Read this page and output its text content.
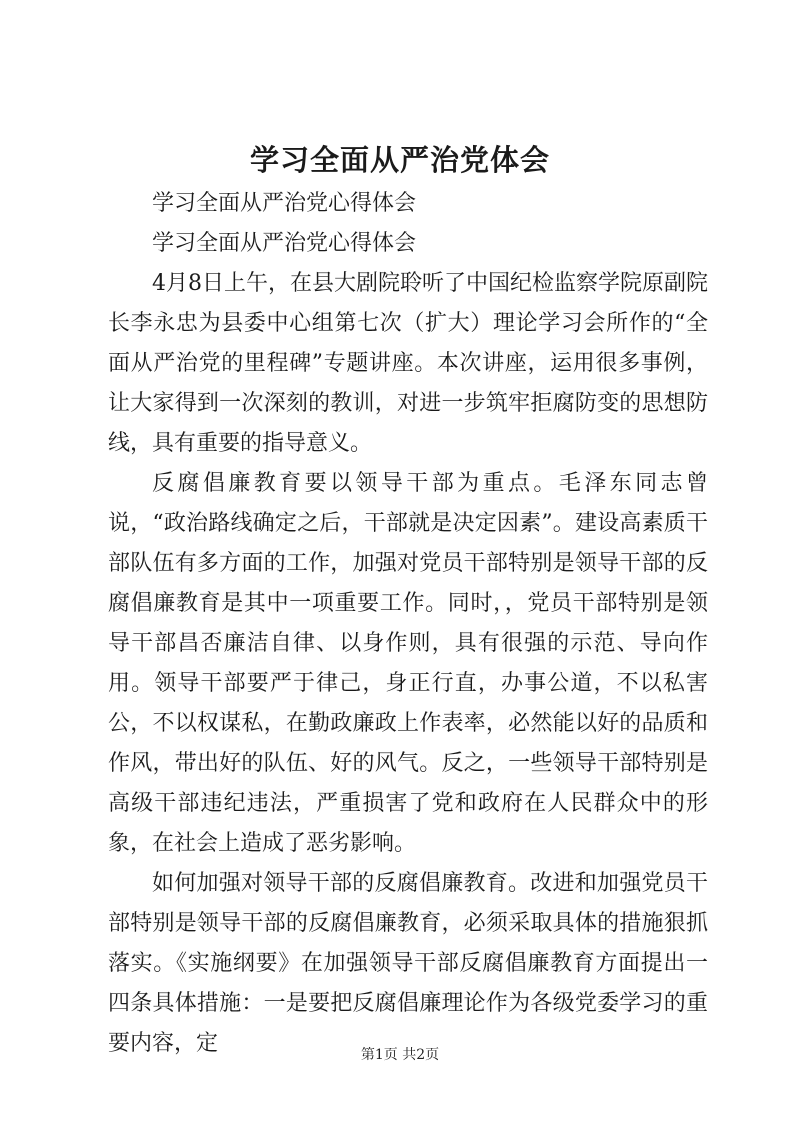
学习全面从严治党体会

学习全面从严治党心得体会

学习全面从严治党心得体会

4月8日上午，在县大剧院聆听了中国纪检监察学院原副院长李永忠为县委中心组第七次（扩大）理论学习会所作的“全面从严治党的里程碑”专题讲座。本次讲座，运用很多事例，让大家得到一次深刻的教训，对进一步筑牢拒腐防变的思想防线，具有重要的指导意义。

反腐倡廉教育要以领导干部为重点。毛泽东同志曾说，“政治路线确定之后，干部就是决定因素”。建设高素质干部队伍有多方面的工作，加强对党员干部特别是领导干部的反腐倡廉教育是其中一项重要工作。同时，，党员干部特别是领导干部昌否廉洁自律、以身作则，具有很强的示范、导向作用。领导干部要严于律己，身正行直，办事公道，不以私害公，不以权谋私，在勤政廉政上作表率，必然能以好的品质和作风，带出好的队伍、好的风气。反之，一些领导干部特别是高级干部违纪违法，严重损害了党和政府在人民群众中的形象，在社会上造成了恶劣影响。

如何加强对领导干部的反腐倡廉教育。改进和加强党员干部特别是领导干部的反腐倡廉教育，必须采取具体的措施狠抓落实。《实施纲要》在加强领导干部反腐倡廉教育方面提出一四条具体措施：一是要把反腐倡廉理论作为各级党委学习的重要内容，定	第1页 共2页
